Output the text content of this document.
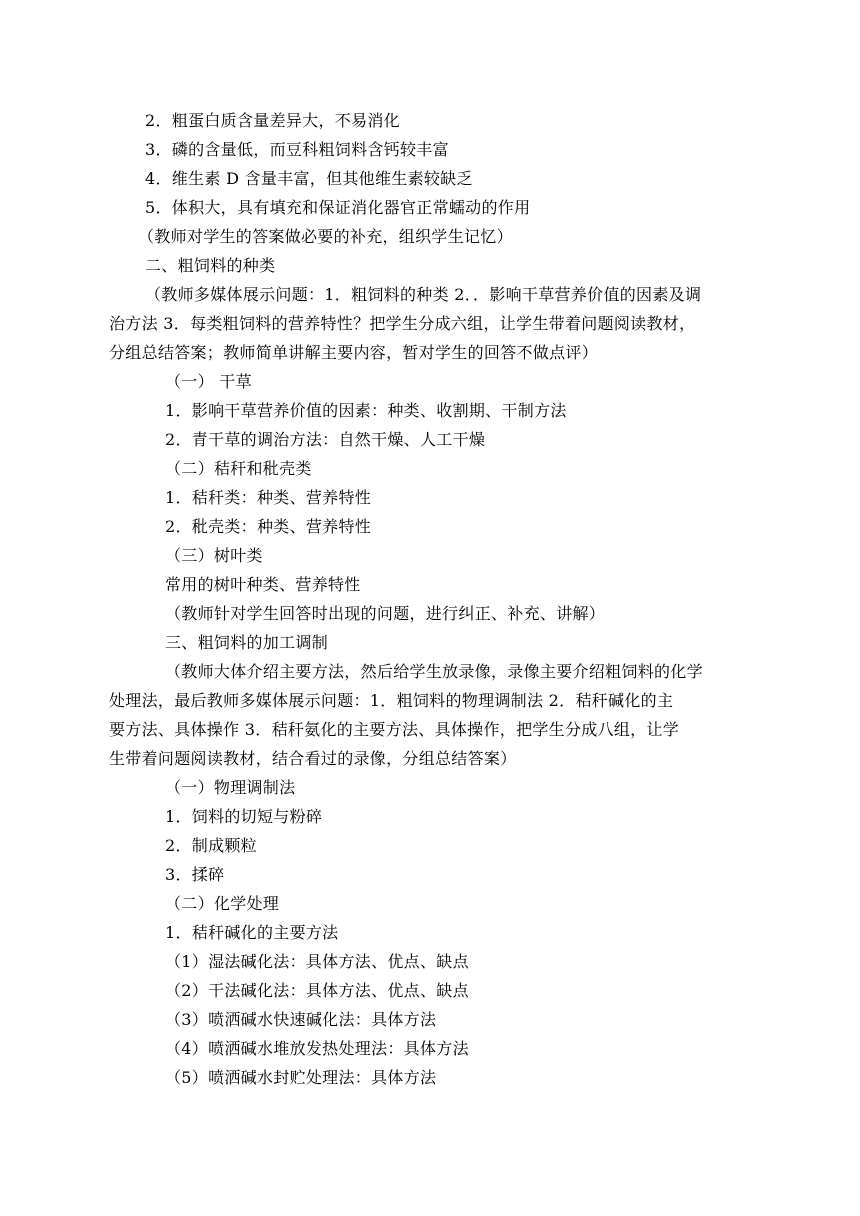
2．粗蛋白质含量差异大，不易消化
3．磷的含量低，而豆科粗饲料含钙较丰富
4．维生素 D 含量丰富，但其他维生素较缺乏
5．体积大，具有填充和保证消化器官正常蠕动的作用
（教师对学生的答案做必要的补充，组织学生记忆）
二、粗饲料的种类
（教师多媒体展示问题：1．粗饲料的种类 2．．影响干草营养价值的因素及调
治方法 3．每类粗饲料的营养特性？把学生分成六组，让学生带着问题阅读教材，
分组总结答案；教师简单讲解主要内容，暂对学生的回答不做点评）
（一） 干草
1．影响干草营养价值的因素：种类、收割期、干制方法
2．青干草的调治方法：自然干燥、人工干燥
（二）秸秆和秕壳类
1．秸秆类：种类、营养特性
2．秕壳类：种类、营养特性
（三）树叶类
常用的树叶种类、营养特性
（教师针对学生回答时出现的问题，进行纠正、补充、讲解）
三、粗饲料的加工调制
（教师大体介绍主要方法，然后给学生放录像，录像主要介绍粗饲料的化学
处理法，最后教师多媒体展示问题：1．粗饲料的物理调制法 2．秸秆碱化的主
要方法、具体操作 3．秸秆氨化的主要方法、具体操作，把学生分成八组，让学
生带着问题阅读教材，结合看过的录像，分组总结答案）
（一）物理调制法
1．饲料的切短与粉碎
2．制成颗粒
3．揉碎
（二）化学处理
1．秸秆碱化的主要方法
（1）湿法碱化法：具体方法、优点、缺点
（2）干法碱化法：具体方法、优点、缺点
（3）喷洒碱水快速碱化法：具体方法
（4）喷洒碱水堆放发热处理法：具体方法
（5）喷洒碱水封贮处理法：具体方法
